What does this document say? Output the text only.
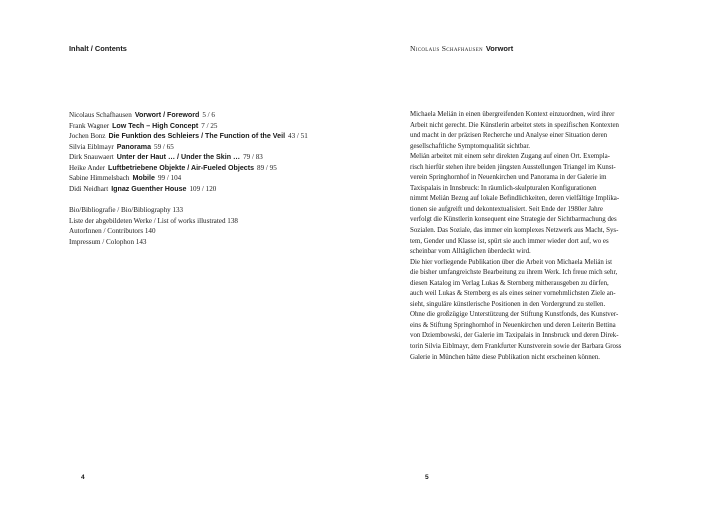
Inhalt / Contents
Nicolaus Schafhausen Vorwort / Foreword 5 / 6
Frank Wagner Low Tech – High Concept 7 / 25
Jochen Bonz Die Funktion des Schleiers / The Function of the Veil 43 / 51
Silvia Eiblmayr Panorama 59 / 65
Dirk Snauwaert Unter der Haut … / Under the Skin … 79 / 83
Heike Ander Luftbetriebene Objekte / Air-Fueled Objects 89 / 95
Sabine Himmelsbach Mobile 99 / 104
Didi Neidhart Ignaz Guenther House 109 / 120
Bio/Bibliografie / Bio/Bibliography 133
Liste der abgebildeten Werke / List of works illustrated 138
AutorInnen / Contributors 140
Impressum / Colophon 143
4
Nicolaus Schafhausen Vorwort
Michaela Melián in einen übergreifenden Kontext einzuordnen, wird ihrer
Arbeit nicht gerecht. Die Künstlerin arbeitet stets in spezifischen Kontexten
und macht in der präzisen Recherche und Analyse einer Situation deren
gesellschaftliche Symptomqualität sichtbar.
Melián arbeitet mit einem sehr direkten Zugang auf einen Ort. Exempla-
risch hierfür stehen ihre beiden jüngsten Ausstellungen Triangel im Kunst-
verein Springhornhof in Neuenkirchen und Panorama in der Galerie im
Taxispalais in Innsbruck: In räumlich-skulpturalen Konfigurationen
nimmt Melián Bezug auf lokale Befindlichkeiten, deren vielfältige Implika-
tionen sie aufgreift und dekontextualisiert. Seit Ende der 1980er Jahre
verfolgt die Künstlerin konsequent eine Strategie der Sichtbarmachung des
Sozialen. Das Soziale, das immer ein komplexes Netzwerk aus Macht, Sys-
tem, Gender und Klasse ist, spürt sie auch immer wieder dort auf, wo es
scheinbar vom Alltäglichen überdeckt wird.
Die hier vorliegende Publikation über die Arbeit von Michaela Melián ist
die bisher umfangreichste Bearbeitung zu ihrem Werk. Ich freue mich sehr,
diesen Katalog im Verlag Lukas & Sternberg mitherausgeben zu dürfen,
auch weil Lukas & Sternberg es als eines seiner vornehmlichsten Ziele an-
sieht, singuläre künstlerische Positionen in den Vordergrund zu stellen.
Ohne die großzügige Unterstützung der Stiftung Kunstfonds, des Kunstver-
eins & Stiftung Springhornhof in Neuenkirchen und deren Leiterin Bettina
von Dziembowski, der Galerie im Taxipalais in Innsbruck und deren Direk-
torin Silvia Eiblmayr, dem Frankfurter Kunstverein sowie der Barbara Gross
Galerie in München hätte diese Publikation nicht erscheinen können.
5
